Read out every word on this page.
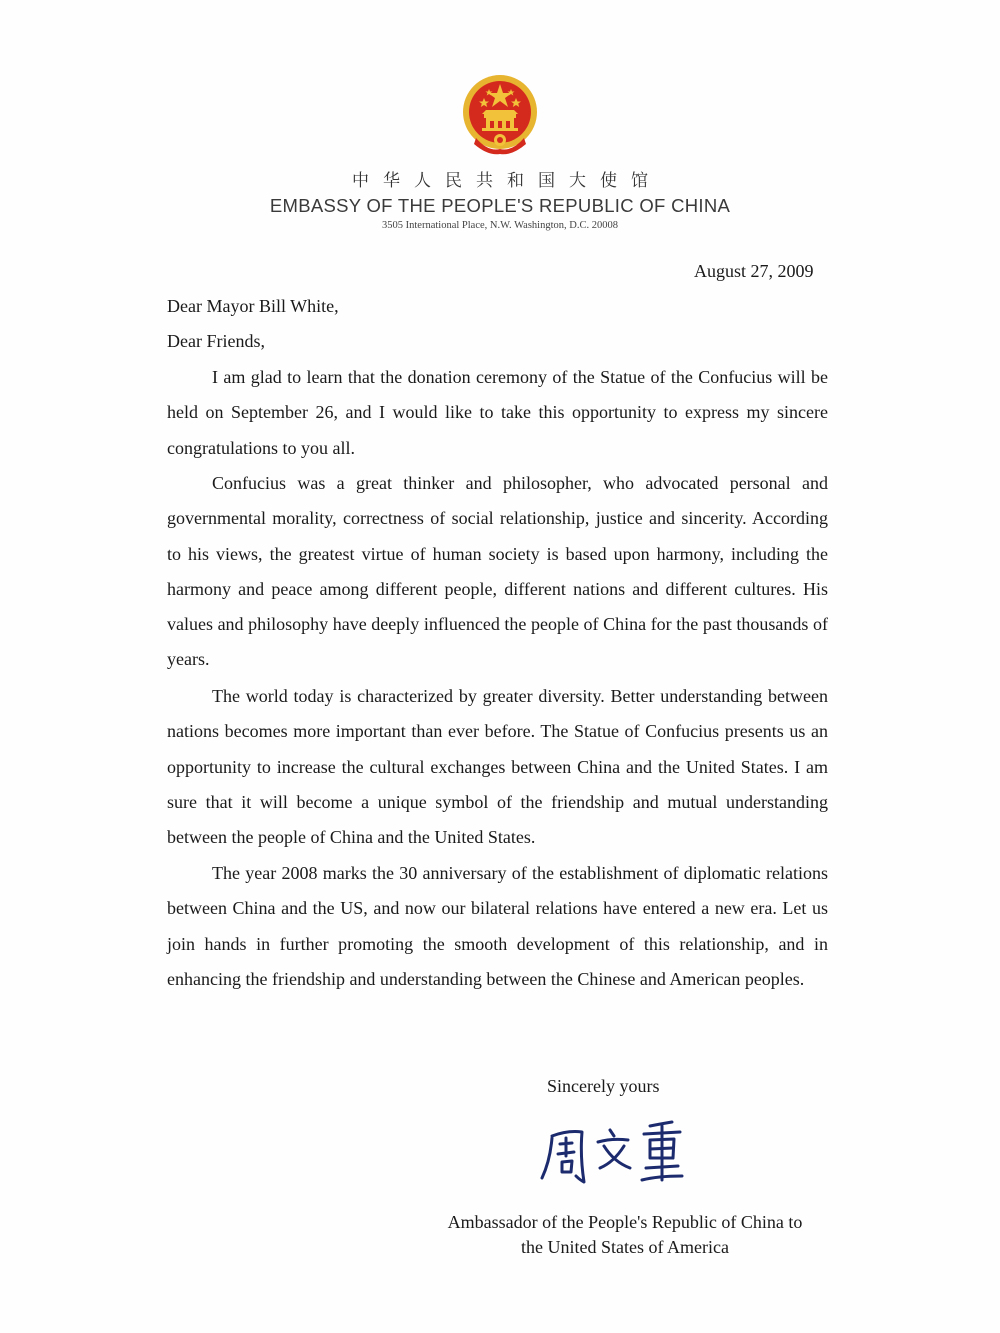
中华人民共和国大使馆
EMBASSY OF THE PEOPLE'S REPUBLIC OF CHINA
3505 International Place, N.W. Washington, D.C. 20008
August 27, 2009
Dear Mayor Bill White,
Dear Friends,

I am glad to learn that the donation ceremony of the Statue of the Confucius will be held on September 26, and I would like to take this opportunity to express my sincere congratulations to you all.

Confucius was a great thinker and philosopher, who advocated personal and governmental morality, correctness of social relationship, justice and sincerity. According to his views, the greatest virtue of human society is based upon harmony, including the harmony and peace among different people, different nations and different cultures. His values and philosophy have deeply influenced the people of China for the past thousands of years.

The world today is characterized by greater diversity. Better understanding between nations becomes more important than ever before. The Statue of Confucius presents us an opportunity to increase the cultural exchanges between China and the United States. I am sure that it will become a unique symbol of the friendship and mutual understanding between the people of China and the United States.

The year 2008 marks the 30 anniversary of the establishment of diplomatic relations between China and the US, and now our bilateral relations have entered a new era. Let us join hands in further promoting the smooth development of this relationship, and in enhancing the friendship and understanding between the Chinese and American peoples.

Sincerely yours
Ambassador of the People's Republic of China to
the United States of America
